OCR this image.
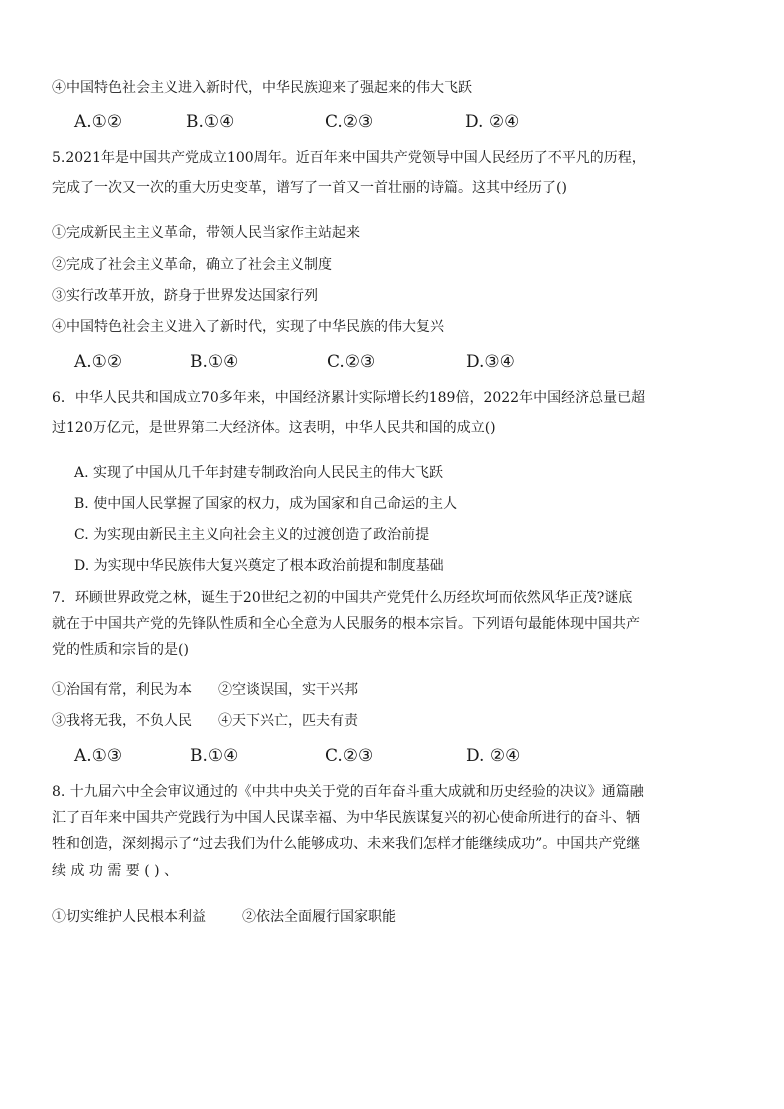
④中国特色社会主义进入新时代，中华民族迎来了强起来的伟大飞跃
A.①②	B.①④	C.②③	D. ②④
5.2021年是中国共产党成立100周年。近百年来中国共产党领导中国人民经历了不平凡的历程，
完成了一次又一次的重大历史变革，谱写了一首又一首壮丽的诗篇。这其中经历了()
①完成新民主主义革命，带领人民当家作主站起来
②完成了社会主义革命，确立了社会主义制度
③实行改革开放，跻身于世界发达国家行列
④中国特色社会主义进入了新时代，实现了中华民族的伟大复兴
A.①②	B.①④	C.②③	D.③④
6．中华人民共和国成立70多年来，中国经济累计实际增长约189倍，2022年中国经济总量已超
过120万亿元，是世界第二大经济体。这表明，中华人民共和国的成立()
A. 实现了中国从几千年封建专制政治向人民民主的伟大飞跃
B. 使中国人民掌握了国家的权力，成为国家和自己命运的主人
C. 为实现由新民主主义向社会主义的过渡创造了政治前提
D. 为实现中华民族伟大复兴奠定了根本政治前提和制度基础
7．环顾世界政党之林，诞生于20世纪之初的中国共产党凭什么历经坎坷而依然风华正茂?谜底
就在于中国共产党的先锋队性质和全心全意为人民服务的根本宗旨。下列语句最能体现中国共产
党的性质和宗旨的是()
①治国有常，利民为本 ②空谈误国，实干兴邦
③我将无我，不负人民 ④天下兴亡，匹夫有责
A.①③	B.①④	C.②③	D. ②④
8. 十九届六中全会审议通过的《中共中央关于党的百年奋斗重大成就和历史经验的决议》通篇融
汇了百年来中国共产党践行为中国人民谋幸福、为中华民族谋复兴的初心使命所进行的奋斗、牺
牲和创造，深刻揭示了“过去我们为什么能够成功、未来我们怎样才能继续成功”。中国共产党继
续 成 功 需 要 ( ) 、
①切实维护人民根本利益	②依法全面履行国家职能
